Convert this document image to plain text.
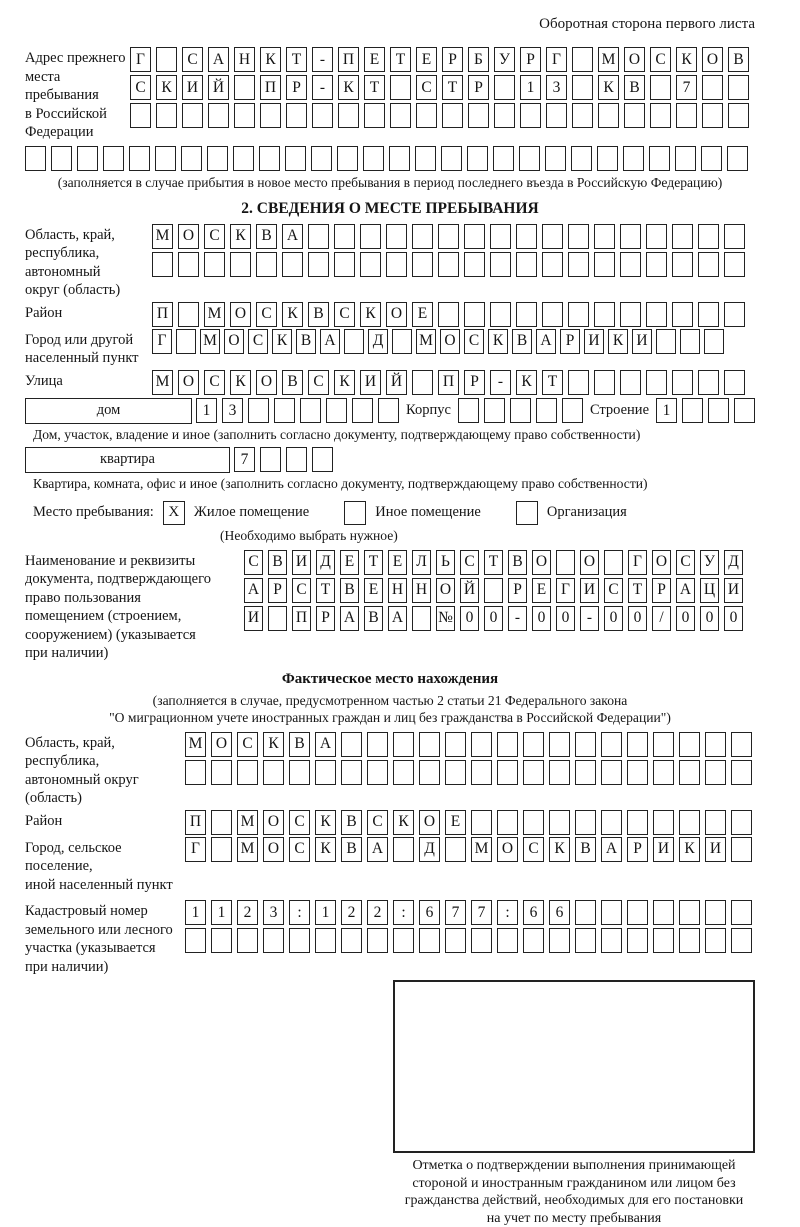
Оборотная сторона первого листа
Адрес прежнего
места пребывания
в Российской
Федерации
Г	С А Н К	Т	-	П	Е	Т	Е	Р	Б	У	Р	Г	М О С	К О В
С	К И Й	П	Р	-	К	Т	С	Т	Р	1	3	К	В	7
(заполняется в случае прибытия в новое место пребывания в период последнего въезда в Российскую Федерацию)
2. СВЕДЕНИЯ О МЕСТЕ ПРЕБЫВАНИЯ
Область, край,
республика,
автономный
округ (область)
М О С	К	В А
Район	П	М О С	К	В	С	К О	Е
Город или другой
населенный пункт
Г	М О С К В А	Д	М О С К В А Р И К И
Улица	М О С	К О В	С	К И Й	П	Р	-	К	Т
дом	1	3	Корпус	Строение 1
Дом, участок, владение и иное (заполнить согласно документу, подтверждающему право собственности)
квартира	7
Квартира, комната, офис и иное (заполнить согласно документу, подтверждающему право собственности)
Место пребывания: X	Жилое помещение	Иное помещение	Организация
(Необходимо выбрать нужное)
Наименование и реквизиты
документа, подтверждающего
право пользования
помещением (строением,
сооружением) (указывается
при наличии)
С В И Д Е Т Е Л Ь С Т В О О	Г О С У Д
А Р С Т В Е Н Н О Й	Р Е Г И С Т Р А Ц И
И П Р А В А № 0	0	-	0	0	-	0	0	/	0	0	0
Фактическое место нахождения
(заполняется в случае, предусмотренном частью 2 статьи 21 Федерального закона
"О миграционном учете иностранных граждан и лиц без гражданства в Российской Федерации")
Область, край,
республика,
автономный округ
(область)
М О С	К	В А
Район	П	М О С	К	В	С	К О	Е
Город, сельское поселение,
иной населенный пункт
Г	М О С	К	В А	Д	М О С	К	В А	Р	И К И
Кадастровый номер
земельного или лесного
участка (указывается
при наличии)
1	1	2	3	:	1	2	2	:	6	7	7	:	6	6
Отметка о подтверждении выполнения принимающей
стороной и иностранным гражданином или лицом без
гражданства действий, необходимых для его постановки
на учет по месту пребывания
